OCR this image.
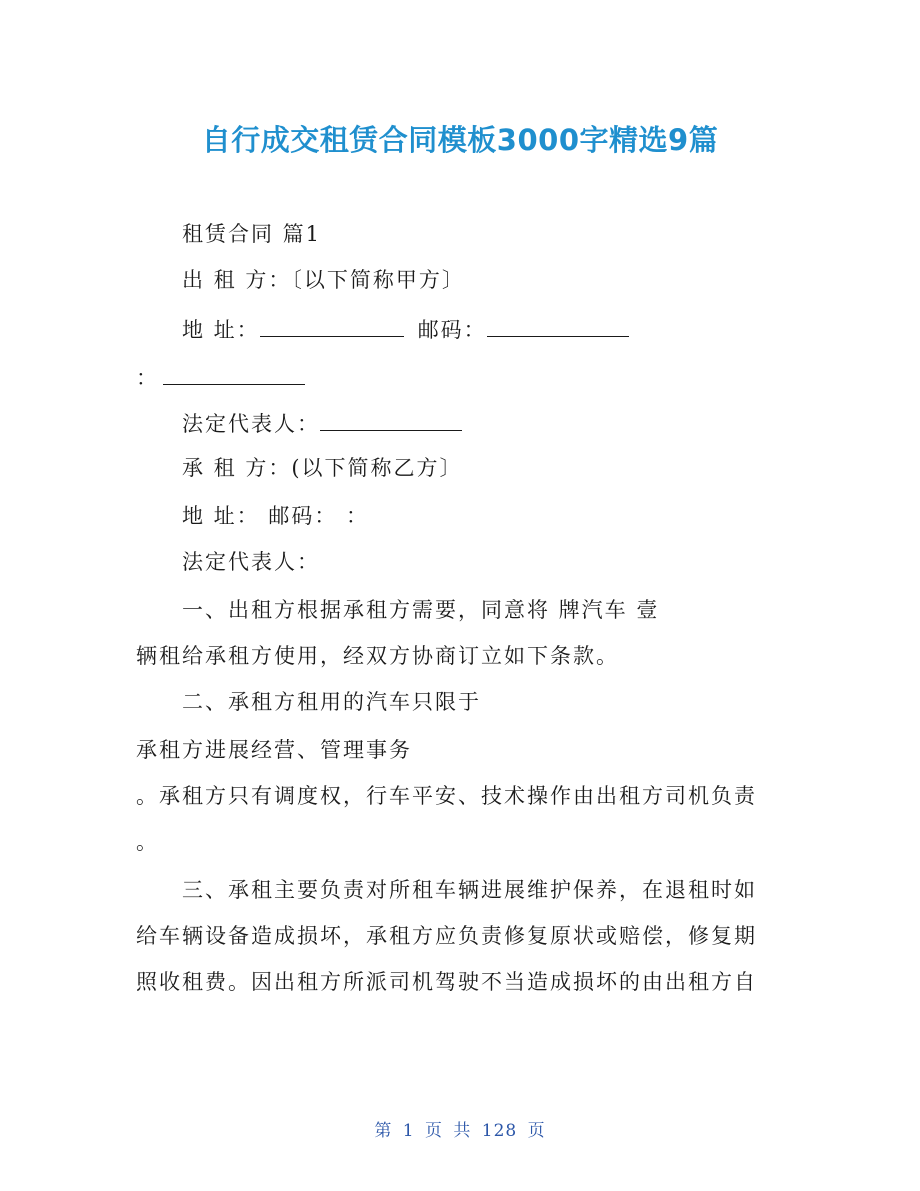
自行成交租赁合同模板3000字精选9篇
租赁合同 篇1
出 租 方：〔以下简称甲方〕
地 址：	邮码：
：
法定代表人：
承 租 方：(以下简称乙方〕
地 址： 邮码： ：
法定代表人：
一、出租方根据承租方需要，同意将 牌汽车 壹
辆租给承租方使用，经双方协商订立如下条款。
二、承租方租用的汽车只限于
承租方进展经营、管理事务
。承租方只有调度权，行车平安、技术操作由出租方司机负责
。
三、承租主要负责对所租车辆进展维护保养，在退租时如
给车辆设备造成损坏，承租方应负责修复原状或赔偿，修复期
照收租费。因出租方所派司机驾驶不当造成损坏的由出租方自
第 1 页 共 128 页
